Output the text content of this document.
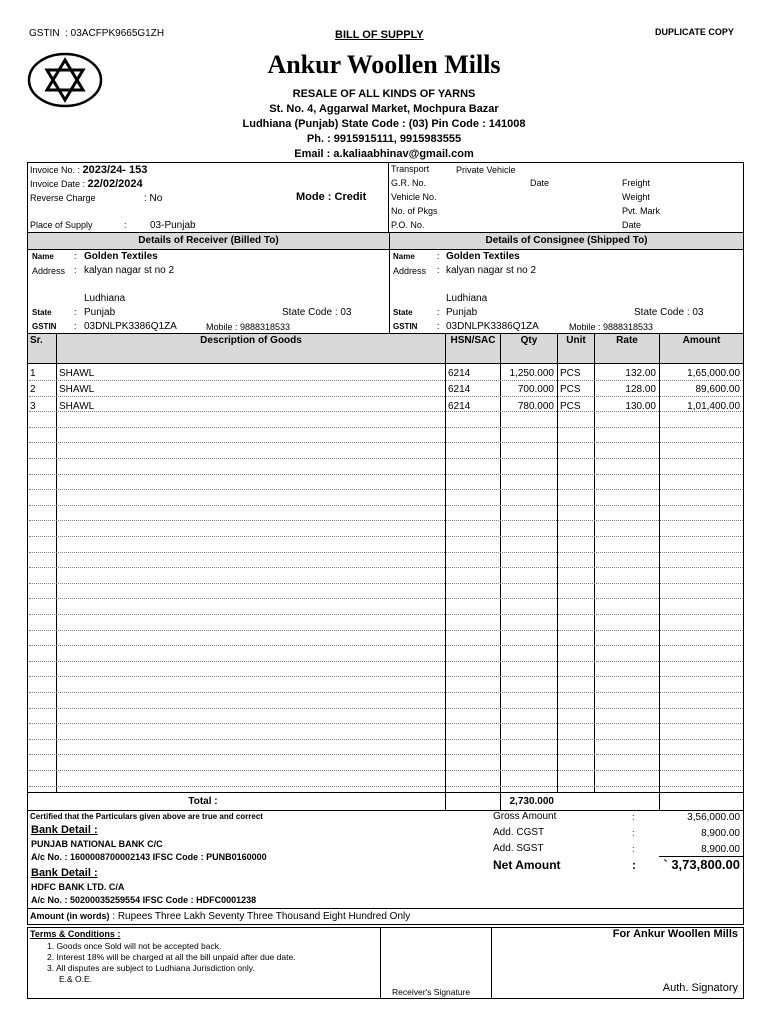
GSTIN : 03ACFPK9665G1ZH	BILL OF SUPPLY	DUPLICATE COPY
Ankur Woollen Mills
RESALE OF ALL KINDS OF YARNS
St. No. 4, Aggarwal Market, Mochpura Bazar
Ludhiana (Punjab) State Code : (03) Pin Code : 141008
Ph. : 9915915111, 9915983555
Email : a.kaliaabhinav@gmail.com
Invoice No. : 2023/24- 153
Invoice Date : 22/02/2024
Reverse Charge	: No	Mode : Credit
Place of Supply	: 03-Punjab
Transport	Private Vehicle
G.R. No.	Date	Freight
Vehicle No.	Weight
No. of Pkgs	Pvt. Mark
P.O. No.	Date
Details of Receiver (Billed To)	Details of Consignee (Shipped To)
Name : Golden Textiles
Address : kalyan nagar st no 2
Ludhiana
State : Punjab	State Code : 03
GSTIN : 03DNLPK3386Q1ZA	Mobile : 9888318533
Name : Golden Textiles
Address : kalyan nagar st no 2
Ludhiana
State	: Punjab	State Code : 03
GSTIN : 03DNLPK3386Q1ZA	Mobile : 9888318533
Sr.	Description of Goods	HSN/SAC	Qty	Unit	Rate	Amount
1 SHAWL	6214	1,250.000 PCS	132.00	1,65,000.00
2 SHAWL	6214	700.000 PCS	128.00	89,600.00
3 SHAWL	6214	780.000 PCS	130.00	1,01,400.00
Total :	2,730.000
Certified that the Particulars given above are true and correct
Bank Detail :
PUNJAB NATIONAL BANK C/C
A/c No. : 1600008700002143 IFSC Code : PUNB0160000
Bank Detail :
HDFC BANK LTD. C/A
A/c No. : 50200035259554 IFSC Code : HDFC0001238
Gross Amount	:	3,56,000.00
Add. CGST	:	8,900.00
Add. SGST	:	8,900.00
Net Amount	:	` 3,73,800.00
Amount (in words) : Rupees Three Lakh Seventy Three Thousand Eight Hundred Only
Terms & Conditions :
1. Goods once Sold will not be accepted back.
2. Interest 18% will be charged at all the bill unpaid after due date.
3. All disputes are subject to Ludhiana Jurisdiction only.
E.& O.E.
Receiver's Signature
For Ankur Woollen Mills
Auth. Signatory
